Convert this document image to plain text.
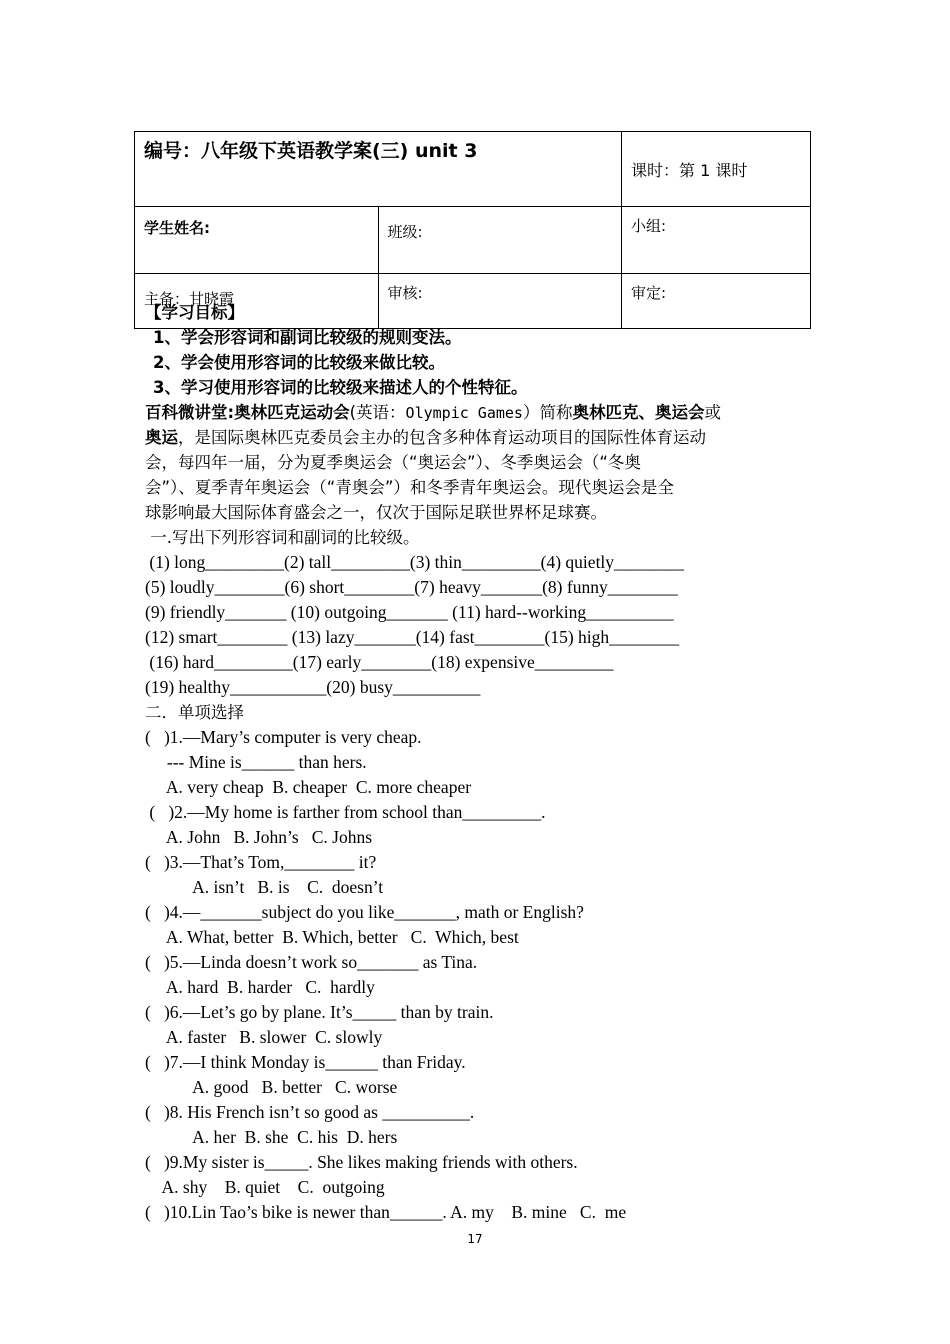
编号：八年级下英语教学案(三) unit 3		课时：第 1 课时
学生姓名:	班级:	小组:
主备：甘晓霞	审核:	审定:
【学习目标】
1、学会形容词和副词比较级的规则变法。
2、学会使用形容词的比较级来做比较。
3、学习使用形容词的比较级来描述人的个性特征。
百科微讲堂:奥林匹克运动会(英语：Olympic Games）简称奥林匹克、奥运会或
奥运，是国际奥林匹克委员会主办的包含多种体育运动项目的国际性体育运动
会，每四年一届，分为夏季奥运会（“奥运会”）、冬季奥运会（“冬奥
会”）、夏季青年奥运会（“青奥会”）和冬季青年奥运会。现代奥运会是全
球影响最大国际体育盛会之一，仅次于国际足联世界杯足球赛。
一.写出下列形容词和副词的比较级。
(1) long_________(2) tall_________(3) thin_________(4) quietly________
(5) loudly________(6) short________(7) heavy_______(8) funny________
(9) friendly_______ (10) outgoing_______ (11) hard--working__________
(12) smart________ (13) lazy_______(14) fast________(15) high________
(16) hard_________(17) early________(18) expensive_________
(19) healthy___________(20) busy__________
二．单项选择
(   )1.—Mary’s computer is very cheap.
--- Mine is______ than hers.
A. very cheap  B. cheaper  C. more cheaper
(   )2.—My home is farther from school than_________.
A. John   B. John’s   C. Johns
(   )3.—That’s Tom,________ it?
A. isn’t   B. is    C.  doesn’t
(   )4.—_______subject do you like_______, math or English?
A. What, better  B. Which, better   C.  Which, best
(   )5.—Linda doesn’t work so_______ as Tina.
A. hard  B. harder   C.  hardly
(   )6.—Let’s go by plane. It’s_____ than by train.
A. faster   B. slower  C. slowly
(   )7.—I think Monday is______ than Friday.
A. good   B. better   C. worse
(   )8. His French isn’t so good as __________.
A. her  B. she  C. his  D. hers
(   )9.My sister is_____. She likes making friends with others.
A. shy    B. quiet    C.  outgoing
(   )10.Lin Tao’s bike is newer than______. A. my    B. mine   C.  me
17
